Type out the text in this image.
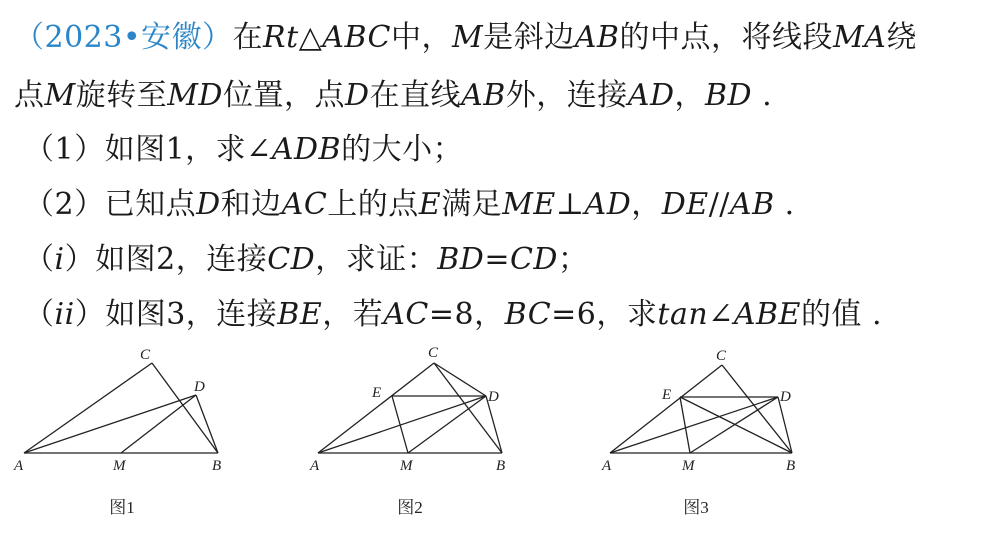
（2023•安徽）在Rt△ABC中，M是斜边AB的中点，将线段MA绕
点M旋转至MD位置，点D在直线AB外，连接AD，BD .
（1）如图1，求∠ADB的大小；
（2）已知点D和边AC上的点E满足ME⊥AD，DE//AB .
（i）如图2，连接CD，求证：BD=CD；
（ii）如图3，连接BE，若AC=8，BC=6，求tan∠ABE的值 .
A	M	B
C
D
A	M	B
C
D
E
A	M	B
C
D
E
图1	图2	图3
